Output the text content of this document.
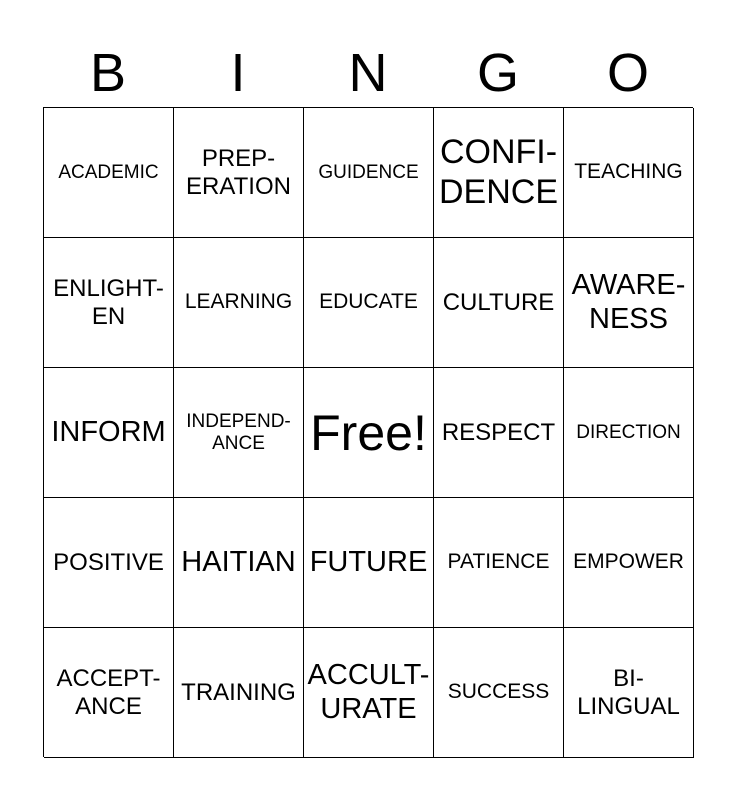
B	I	N	G	O
ACADEMIC
PREP-
ERATION
GUIDENCE
CONFI-
DENCE
TEACHING
ENLIGHT-
EN
LEARNING EDUCATE CULTURE
AWARE-
NESS
INFORM INDEPEND-
ANCE Free! RESPECT DIRECTION
POSITIVE HAITIAN FUTURE PATIENCE EMPOWER
ACCEPT-
ANCE
TRAINING
ACCULT-
URATE
SUCCESS
BI-
LINGUAL
